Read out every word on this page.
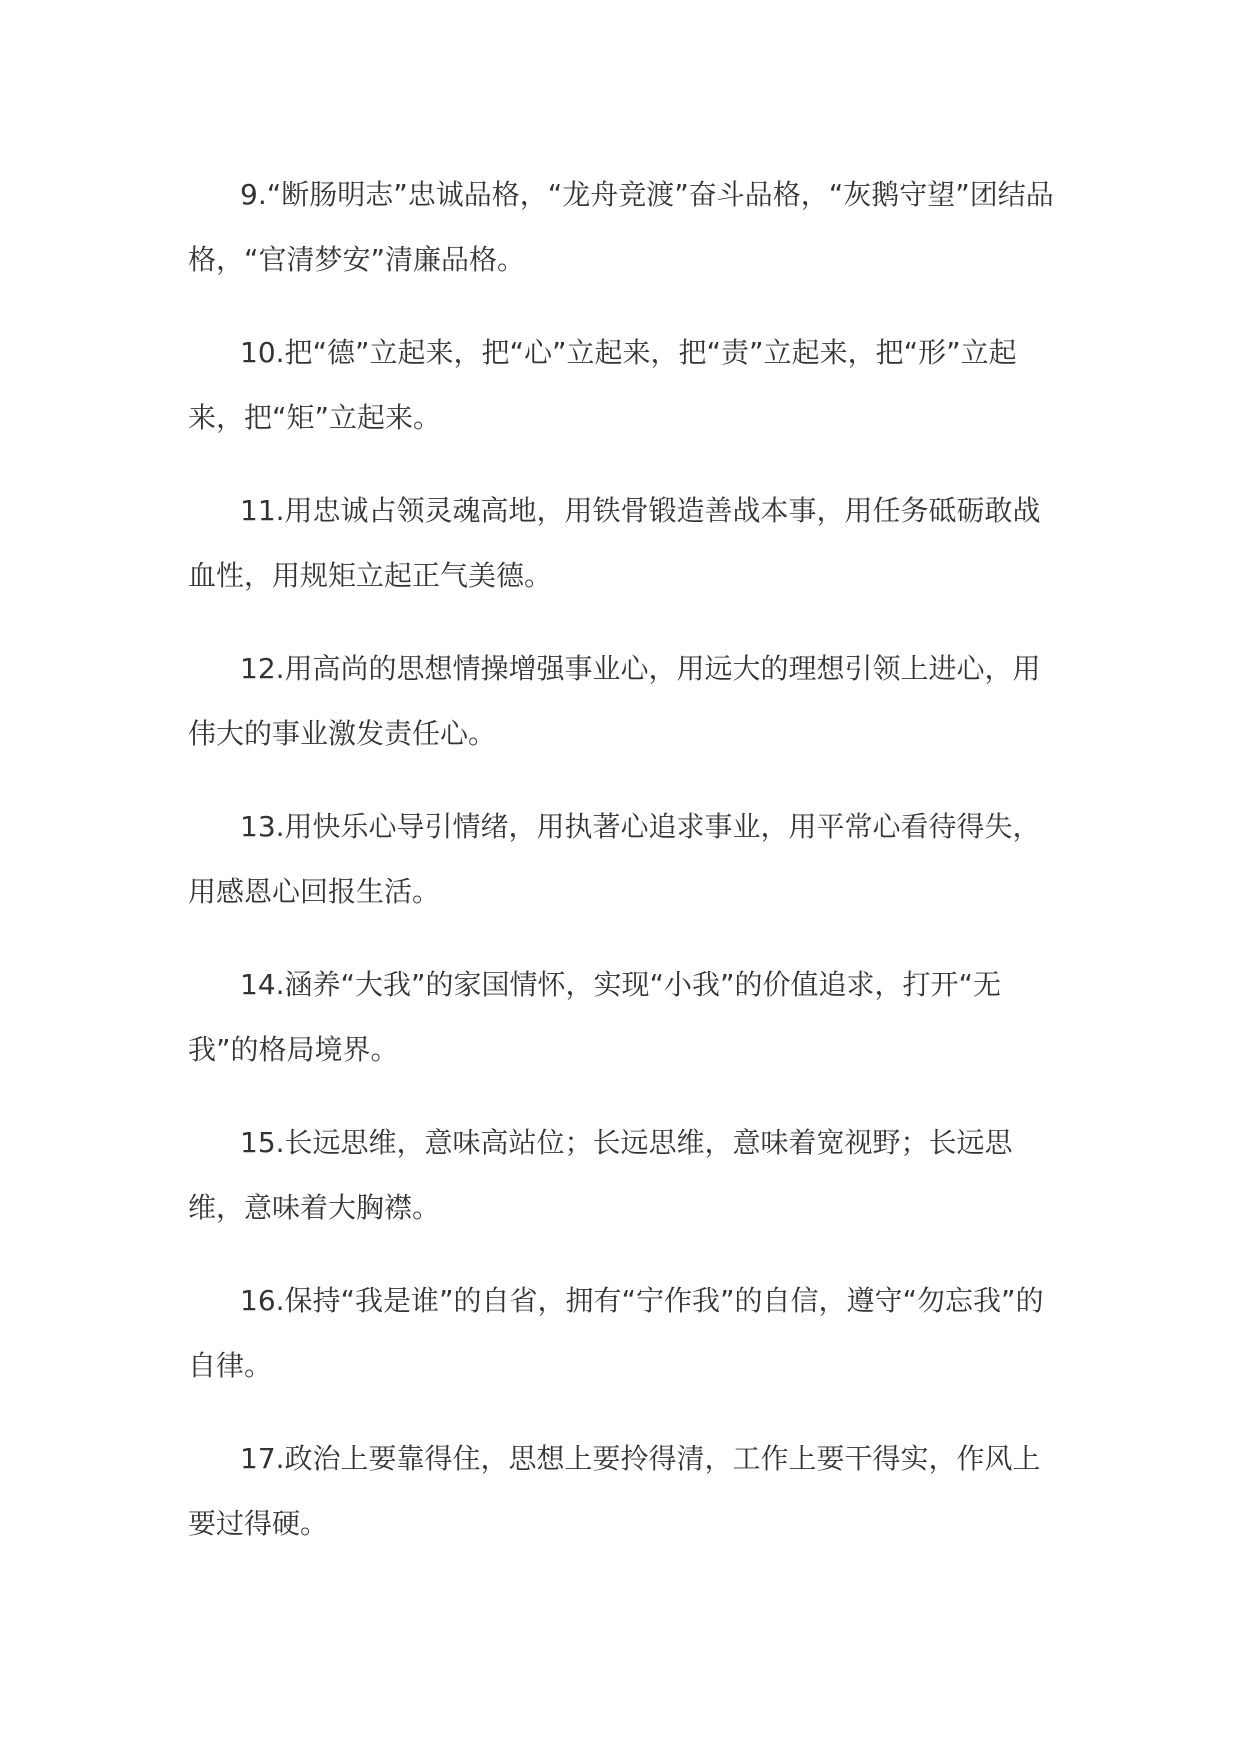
9.“断肠明志”忠诚品格，“龙舟竞渡”奋斗品格，“灰鹅守望”团结品格，“官清梦安”清廉品格。

10.把“德”立起来，把“心”立起来，把“责”立起来，把“形”立起来，把“矩”立起来。

11.用忠诚占领灵魂高地，用铁骨锻造善战本事，用任务砥砺敢战血性，用规矩立起正气美德。

12.用高尚的思想情操增强事业心，用远大的理想引领上进心，用伟大的事业激发责任心。

13.用快乐心导引情绪，用执著心追求事业，用平常心看待得失，用感恩心回报生活。

14.涵养“大我”的家国情怀，实现“小我”的价值追求，打开“无我”的格局境界。

15.长远思维，意味高站位；长远思维，意味着宽视野；长远思维，意味着大胸襟。

16.保持“我是谁”的自省，拥有“宁作我”的自信，遵守“勿忘我”的自律。

17.政治上要靠得住，思想上要拎得清，工作上要干得实，作风上要过得硬。
